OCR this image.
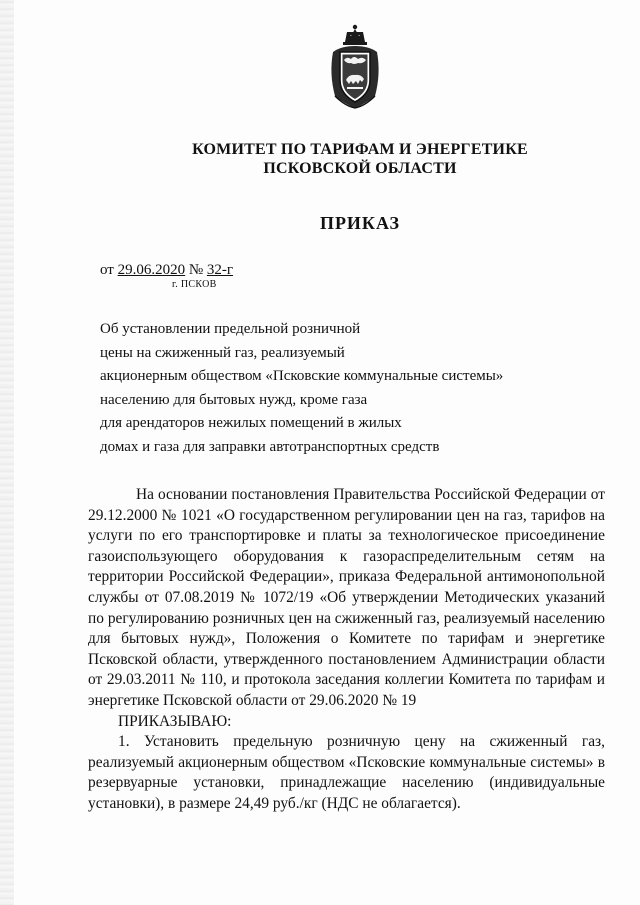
КОМИТЕТ ПО ТАРИФАМ И ЭНЕРГЕТИКЕ
ПСКОВСКОЙ ОБЛАСТИ
ПРИКАЗ
от 29.06.2020 № 32-г
г. ПСКОВ
Об установлении предельной розничной
цены на сжиженный газ, реализуемый
акционерным обществом «Псковские коммунальные системы»
населению для бытовых нужд, кроме газа
для арендаторов нежилых помещений в жилых
домах и газа для заправки автотранспортных средств

На основании постановления Правительства Российской Федерации от 29.12.2000 № 1021 «О государственном регулировании цен на газ, тарифов на услуги по его транспортировке и платы за технологическое присоединение газоиспользующего оборудования к газораспределительным сетям на территории Российской Федерации», приказа Федеральной антимонопольной службы от 07.08.2019 № 1072/19 «Об утверждении Методических указаний по регулированию розничных цен на сжиженный газ, реализуемый населению для бытовых нужд», Положения о Комитете по тарифам и энергетике Псковской области, утвержденного постановлением Администрации области от 29.03.2011 № 110, и протокола заседания коллегии Комитета по тарифам и энергетике Псковской области от 29.06.2020 № 19

ПРИКАЗЫВАЮ:

1. Установить предельную розничную цену на сжиженный газ, реализуемый акционерным обществом «Псковские коммунальные системы» в резервуарные установки, принадлежащие населению (индивидуальные установки), в размере 24,49 руб./кг (НДС не облагается).
